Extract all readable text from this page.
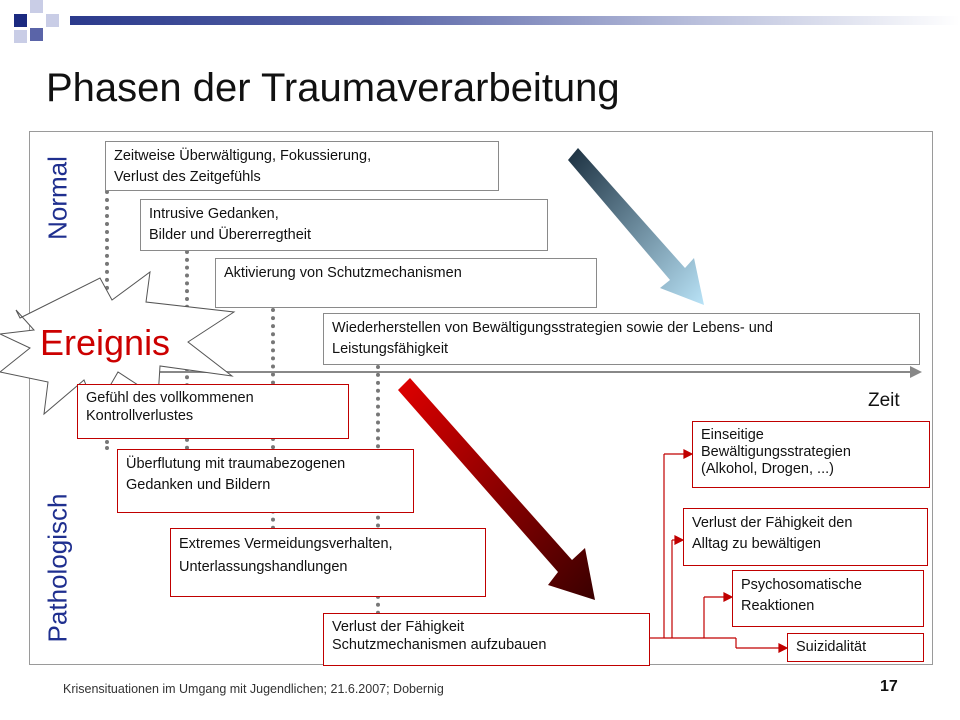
Phasen der Traumaverarbeitung
Normal
Pathologisch
Zeit
Ereignis
Zeitweise Überwältigung, Fokussierung,
Verlust des Zeitgefühls
Intrusive Gedanken,
Bilder und Übererregtheit
Aktivierung von Schutzmechanismen
Wiederherstellen von Bewältigungsstrategien sowie der Lebens- und
Leistungsfähigkeit
Gefühl des vollkommenen
Kontrollverlustes
Überflutung mit traumabezogenen
Gedanken und Bildern
Extremes Vermeidungsverhalten,
Unterlassungshandlungen
Verlust der Fähigkeit
Schutzmechanismen aufzubauen
Einseitige
Bewältigungsstrategien
(Alkohol, Drogen, ...)
Verlust der Fähigkeit den
Alltag zu bewältigen
Psychosomatische
Reaktionen
Suizidalität
Krisensituationen im Umgang mit Jugendlichen; 21.6.2007; Dobernig	17
